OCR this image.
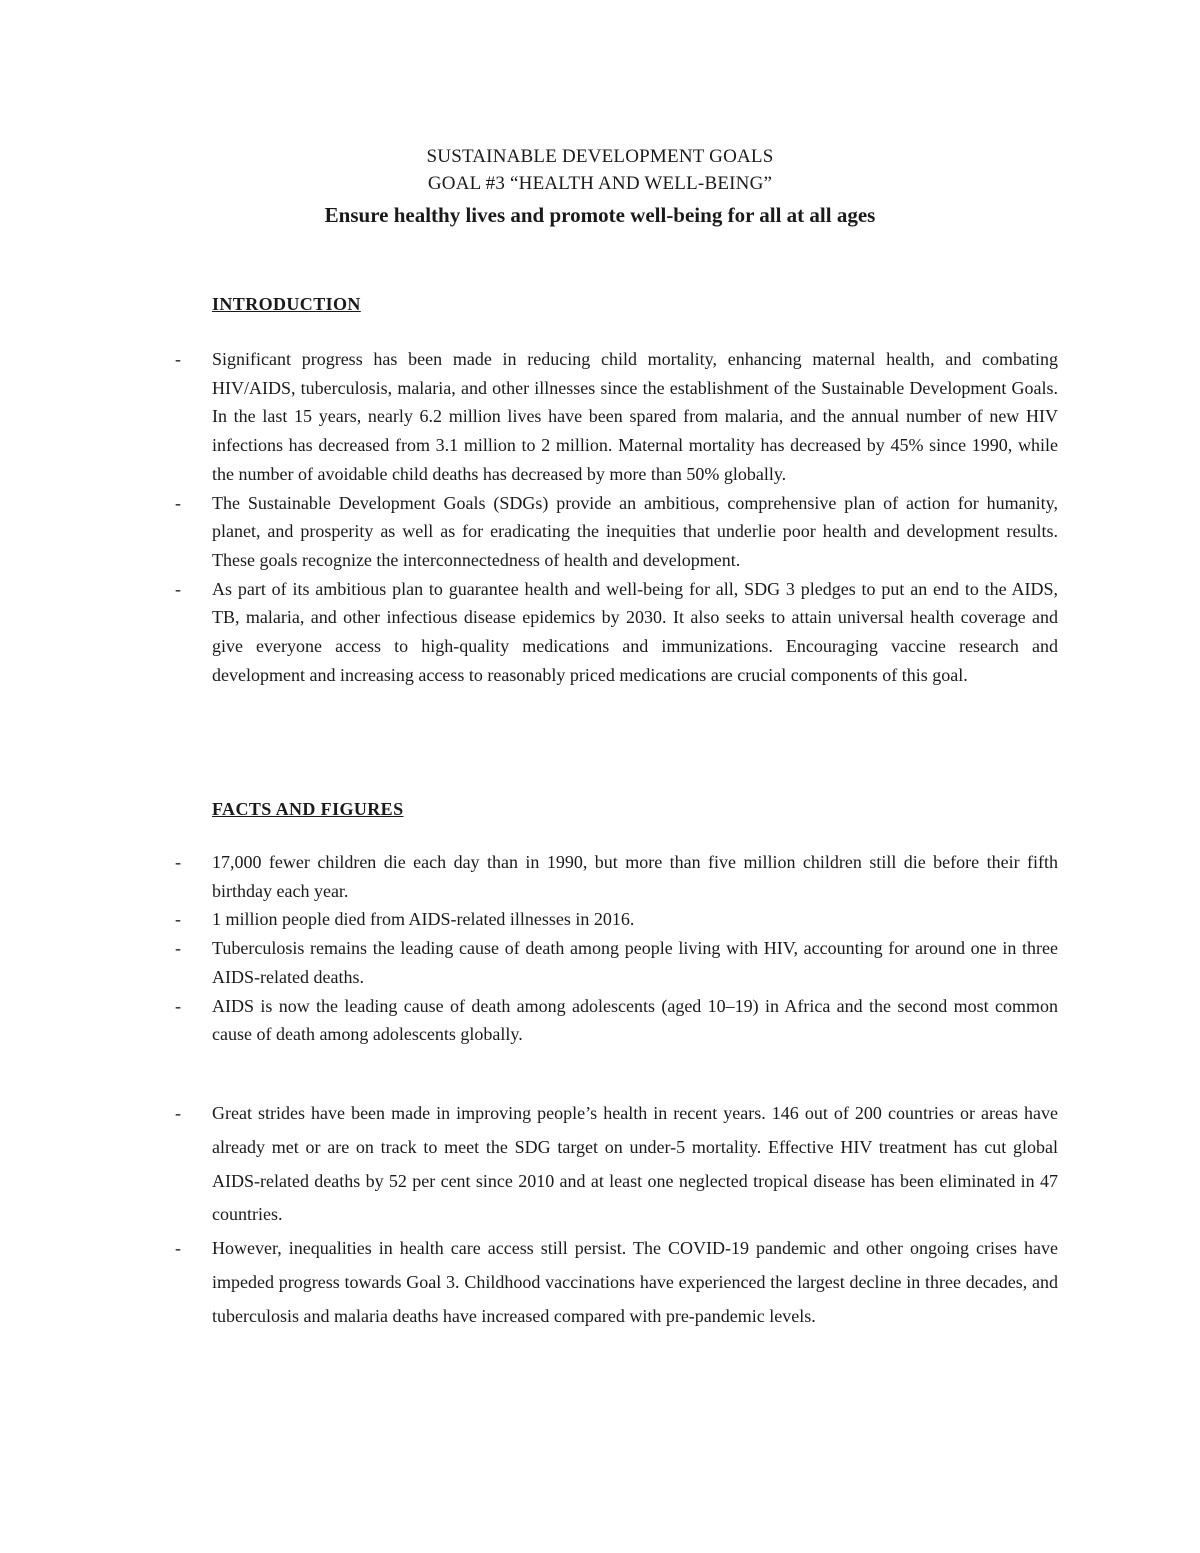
SUSTAINABLE DEVELOPMENT GOALS
GOAL #3 “HEALTH AND WELL-BEING”
Ensure healthy lives and promote well-being for all at all ages
INTRODUCTION
- Significant progress has been made in reducing child mortality, enhancing maternal health, and combating HIV/AIDS, tuberculosis, malaria, and other illnesses since the establishment of the Sustainable Development Goals. In the last 15 years, nearly 6.2 million lives have been spared from malaria, and the annual number of new HIV infections has decreased from 3.1 million to 2 million. Maternal mortality has decreased by 45% since 1990, while the number of avoidable child deaths has decreased by more than 50% globally.
- The Sustainable Development Goals (SDGs) provide an ambitious, comprehensive plan of action for humanity, planet, and prosperity as well as for eradicating the inequities that underlie poor health and development results. These goals recognize the interconnectedness of health and development.
- As part of its ambitious plan to guarantee health and well-being for all, SDG 3 pledges to put an end to the AIDS, TB, malaria, and other infectious disease epidemics by 2030. It also seeks to attain universal health coverage and give everyone access to high-quality medications and immunizations. Encouraging vaccine research and development and increasing access to reasonably priced medications are crucial components of this goal.
FACTS AND FIGURES
- 17,000 fewer children die each day than in 1990, but more than five million children still die before their fifth birthday each year.
- 1 million people died from AIDS-related illnesses in 2016.
- Tuberculosis remains the leading cause of death among people living with HIV, accounting for around one in three AIDS-related deaths.
- AIDS is now the leading cause of death among adolescents (aged 10–19) in Africa and the second most common cause of death among adolescents globally.
- Great strides have been made in improving people’s health in recent years. 146 out of 200 countries or areas have already met or are on track to meet the SDG target on under-5 mortality. Effective HIV treatment has cut global AIDS-related deaths by 52 per cent since 2010 and at least one neglected tropical disease has been eliminated in 47 countries.
- However, inequalities in health care access still persist. The COVID-19 pandemic and other ongoing crises have impeded progress towards Goal 3. Childhood vaccinations have experienced the largest decline in three decades, and tuberculosis and malaria deaths have increased compared with pre-pandemic levels.
